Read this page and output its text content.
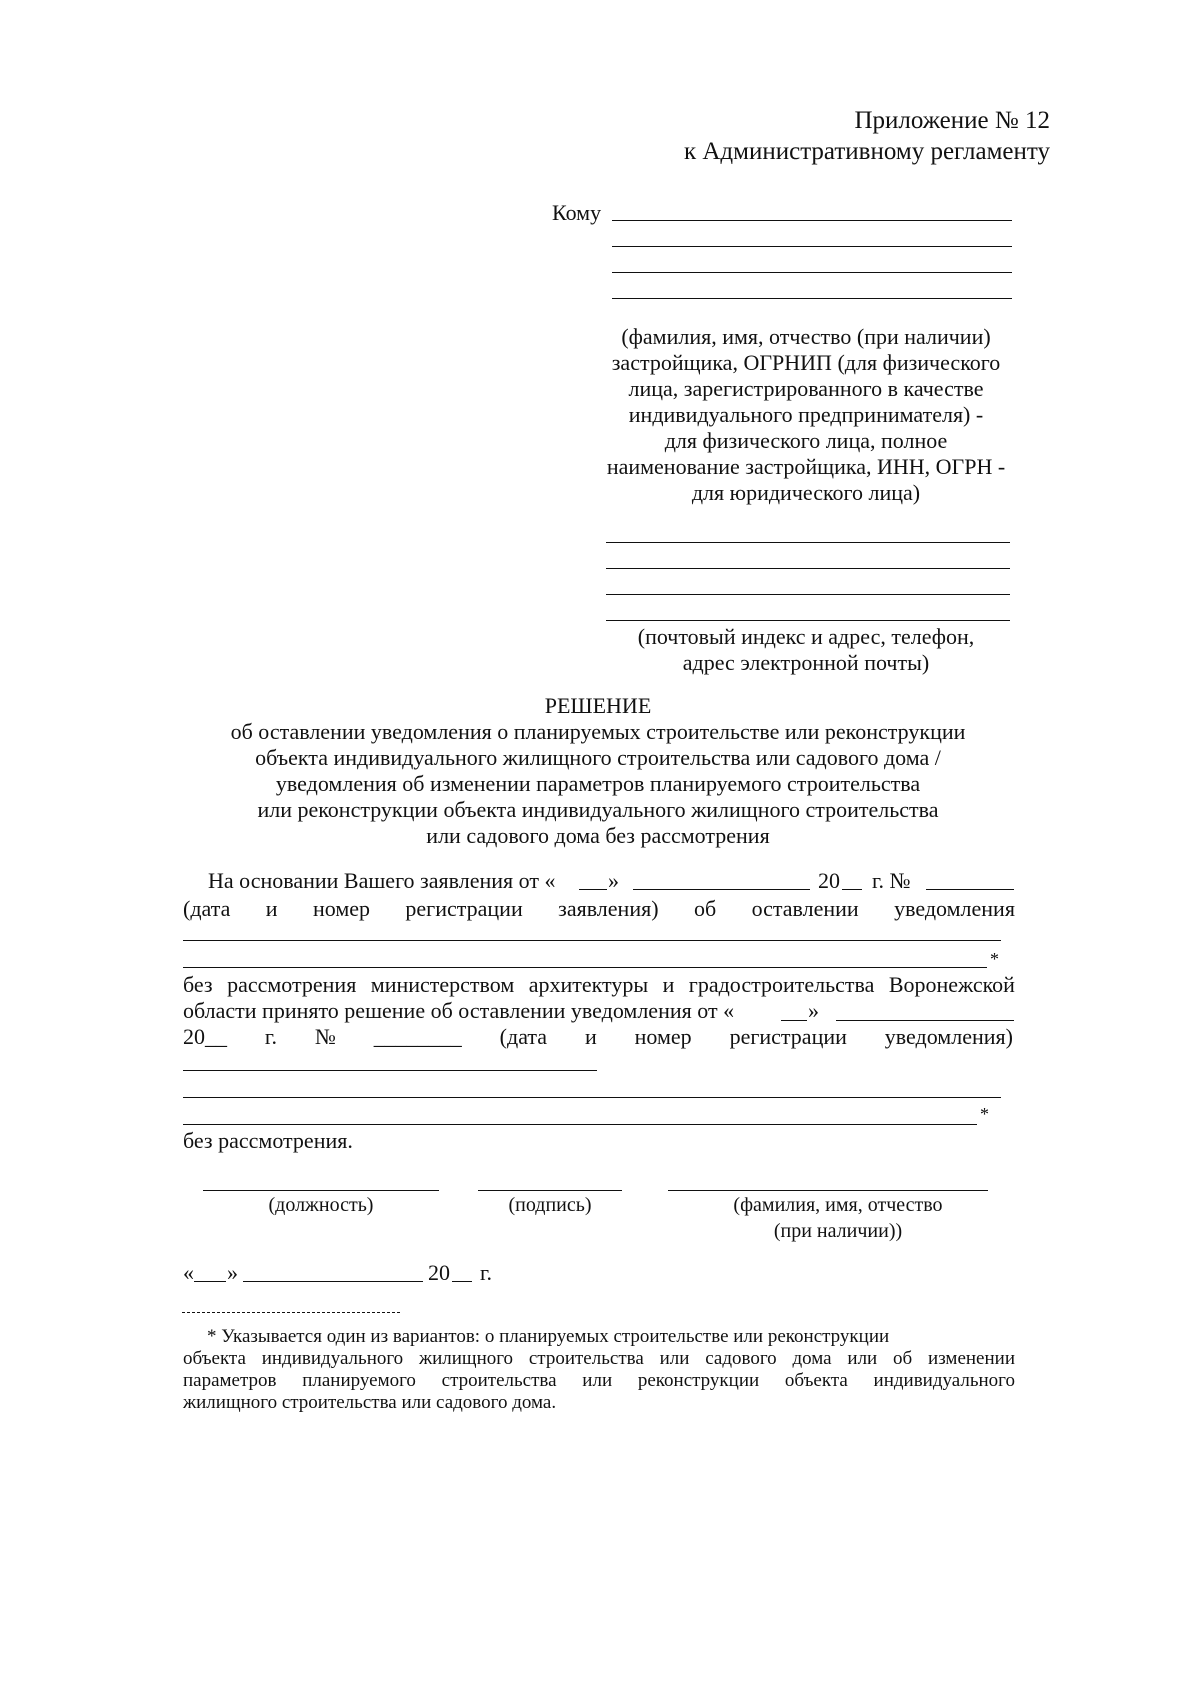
Приложение № 12
к Административному регламенту
Кому
(фамилия, имя, отчество (при наличии)
застройщика, ОГРНИП (для физического
лица, зарегистрированного в качестве
индивидуального предпринимателя) -
для физического лица, полное
наименование застройщика, ИНН, ОГРН -
для юридического лица)
(почтовый индекс и адрес, телефон,
адрес электронной почты)
РЕШЕНИЕ
об оставлении уведомления о планируемых строительстве или реконструкции
объекта индивидуального жилищного строительства или садового дома /
уведомления об изменении параметров планируемого строительства
или реконструкции объекта индивидуального жилищного строительства
или садового дома без рассмотрения
На основании Вашего заявления от « »	20 г. №
(дата и номер регистрации заявления) об оставлении уведомления
*
без рассмотрения министерством архитектуры и градостроительства Воронежской
области принято решение об оставлении уведомления от «	»
20__ г. № ________ (дата и номер регистрации уведомления)
*
без рассмотрения.
(должность)	(подпись)	(фамилия, имя, отчество
(при наличии))
« »	20 г.
* Указывается один из вариантов: о планируемых строительстве или реконструкции
объекта индивидуального жилищного строительства или садового дома или об изменении
параметров планируемого строительства или реконструкции объекта индивидуального
жилищного строительства или садового дома.
